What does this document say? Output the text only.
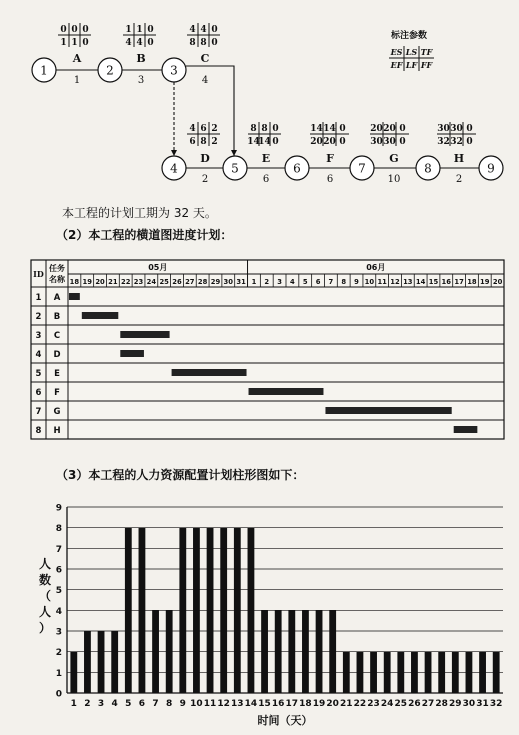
1	2	3
4	5	6	7	8	9
0 0 0
1 1 0
A
1
1 1 0
4 4 0
B
3
4 4 0
8 8 0
C
4
4 6 2
6 8 2
D
2
8 8 0
14
14 0
E
6
14 14 0
20 20 0
F
6
20 20 0
30 30 0
G
10
30 30 0
32 32 0
H
2
标注参数
ES LS TF
EF LF FF
本工程的计划工期为 32 天。
（2）本工程的横道图进度计划：
ID
任务
名称
05月	06月
18 19 20 21 22 23 24 25 26 27 28 29 30 31 1 2 3 4 5 6 7 8 9 10 11 12 13 14 15 16 17 18 19 20
1 A
2 B
3 C
4 D
5 E
6 F
7 G
8 H
（3）本工程的人力资源配置计划柱形图如下：
0
1
2
3
4
5
6
7
8
9
1 2 3 4 5 6 7 8 9 10 11 12 13 14 15 16 17 18 19 20 21 22 23 24 25 26 27 28 29 30 31 32
人数（人）
时间（天）
